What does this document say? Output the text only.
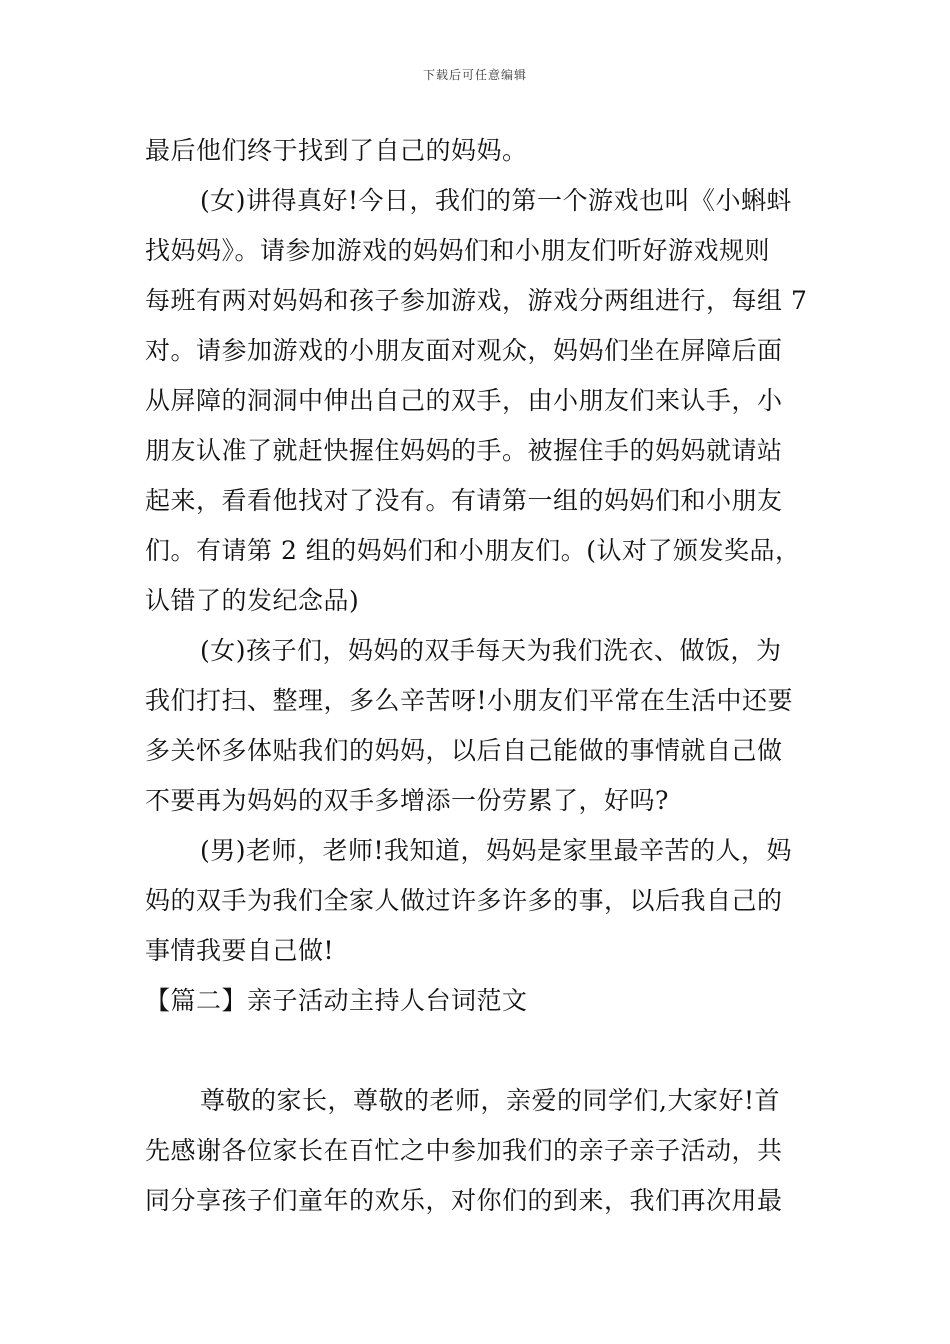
下载后可任意编辑
最后他们终于找到了自己的妈妈。
(女)讲得真好!今日，我们的第一个游戏也叫《小蝌蚪
找妈妈》。请参加游戏的妈妈们和小朋友们听好游戏规则
每班有两对妈妈和孩子参加游戏，游戏分两组进行，每组 7
对。请参加游戏的小朋友面对观众，妈妈们坐在屏障后面
从屏障的洞洞中伸出自己的双手，由小朋友们来认手，小
朋友认准了就赶快握住妈妈的手。被握住手的妈妈就请站
起来，看看他找对了没有。有请第一组的妈妈们和小朋友
们。有请第 2 组的妈妈们和小朋友们。(认对了颁发奖品，
认错了的发纪念品)
(女)孩子们，妈妈的双手每天为我们洗衣、做饭，为
我们打扫、整理，多么辛苦呀!小朋友们平常在生活中还要
多关怀多体贴我们的妈妈，以后自己能做的事情就自己做
不要再为妈妈的双手多增添一份劳累了，好吗?
(男)老师，老师!我知道，妈妈是家里最辛苦的人，妈
妈的双手为我们全家人做过许多许多的事，以后我自己的
事情我要自己做!
【篇二】亲子活动主持人台词范文
尊敬的家长，尊敬的老师，亲爱的同学们,大家好!首
先感谢各位家长在百忙之中参加我们的亲子亲子活动，共
同分享孩子们童年的欢乐，对你们的到来，我们再次用最
